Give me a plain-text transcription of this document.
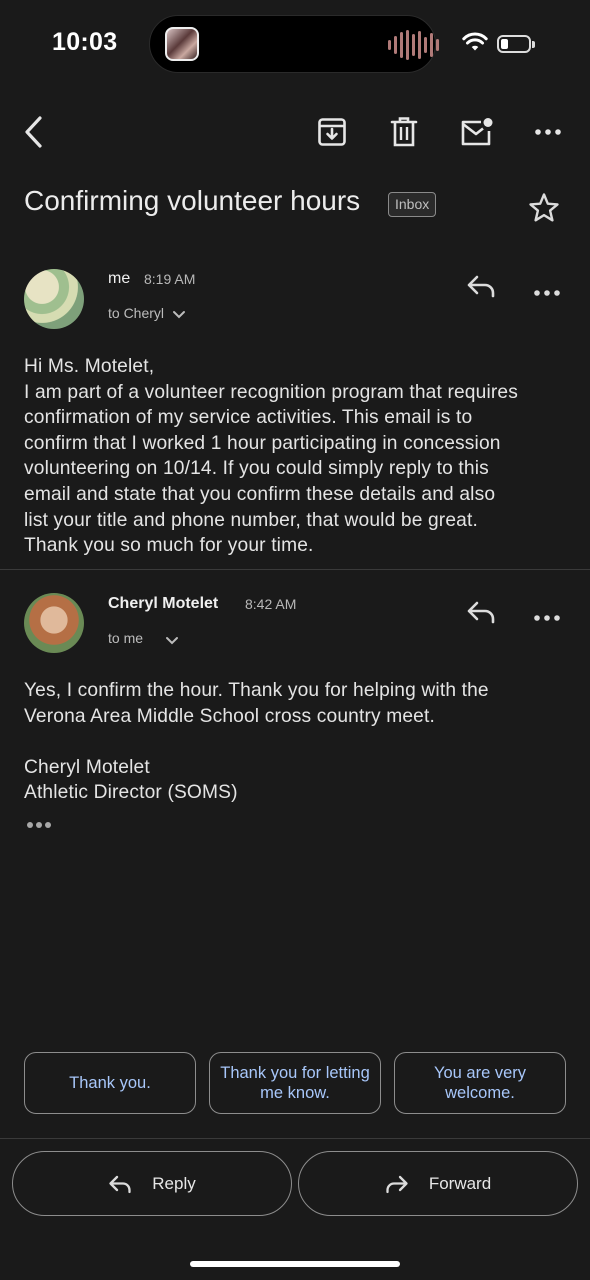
10:03
Confirming volunteer hours	Inbox
me 8:19 AM
to Cheryl
Hi Ms. Motelet,
I am part of a volunteer recognition program that requires
confirmation of my service activities. This email is to
confirm that I worked 1 hour participating in concession
volunteering on 10/14. If you could simply reply to this
email and state that you confirm these details and also
list your title and phone number, that would be great.
Thank you so much for your time.
Cheryl Motelet 8:42 AM
to me
Yes, I confirm the hour. Thank you for helping with the
Verona Area Middle School cross country meet.
Cheryl Motelet
Athletic Director (SOMS)
Thank you.
Thank you for letting me know.
You are very welcome.
Reply	Forward
